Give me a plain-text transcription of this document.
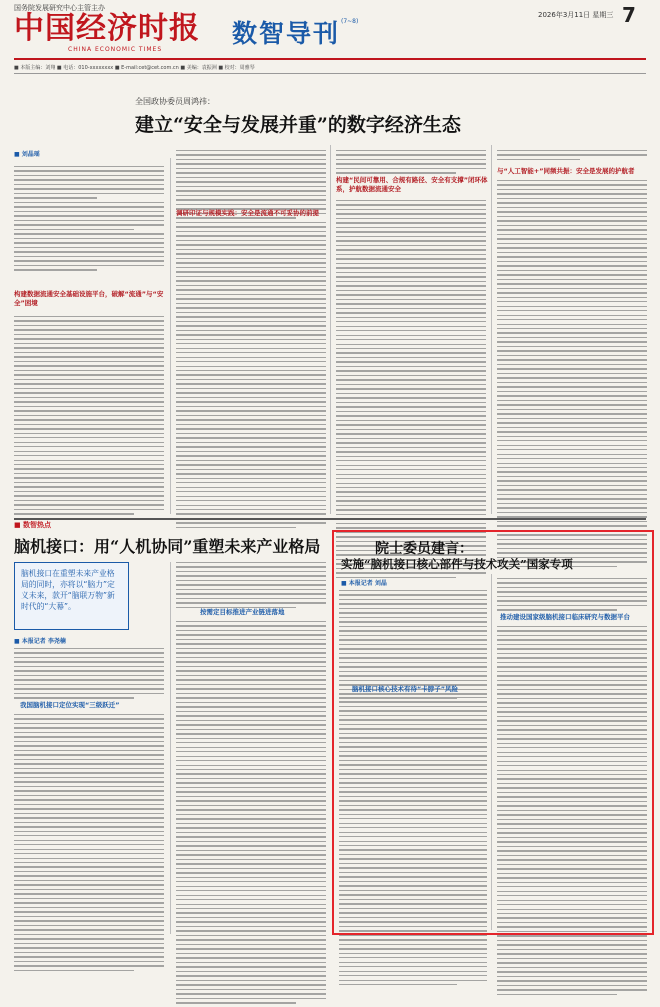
国务院发展研究中心主管主办
中国经济时报
CHINA ECONOMIC TIMES
数智导刊 (7~8)
2026年3月11日 星期三 7
■ 本版主编：刘翔 ■ 电话：010-xxxxxxxx ■ E-mail:cet@cet.com.cn ■ 美编：袁振洲 ■ 校对：周雅琴
全国政协委员周鸿祎：
建立“安全与发展并重”的数字经济生态
■ 刘晶瑶
构建数据流通安全基础设施平台，破解“流通”与“安全”困境
调研印证与规模实践：安全是流通不可妥协的前提
构建“民间可靠用、合规有路径、安全有支撑”闭环体系，护航数据流通安全
与“人工智能+”同频共振：安全是发展的护航者
■ 数智热点
脑机接口：用“人机协同”重塑未来产业格局
脑机接口在重塑未来产业格局的同时，亦将以“脑力”定义未来，款开“脑联万物”新时代的“大幕”。
■ 本报记者 李尧楠
我国脑机接口定位实现“三级跃迁”
按需定目标推进产业链进落地
院士委员建言：
实施“脑机接口核心部件与技术攻关”国家专项
■ 本报记者 刘晶
脑机接口核心技术有待“卡脖子”风险
推动建设国家级脑机接口临床研究与数据平台
